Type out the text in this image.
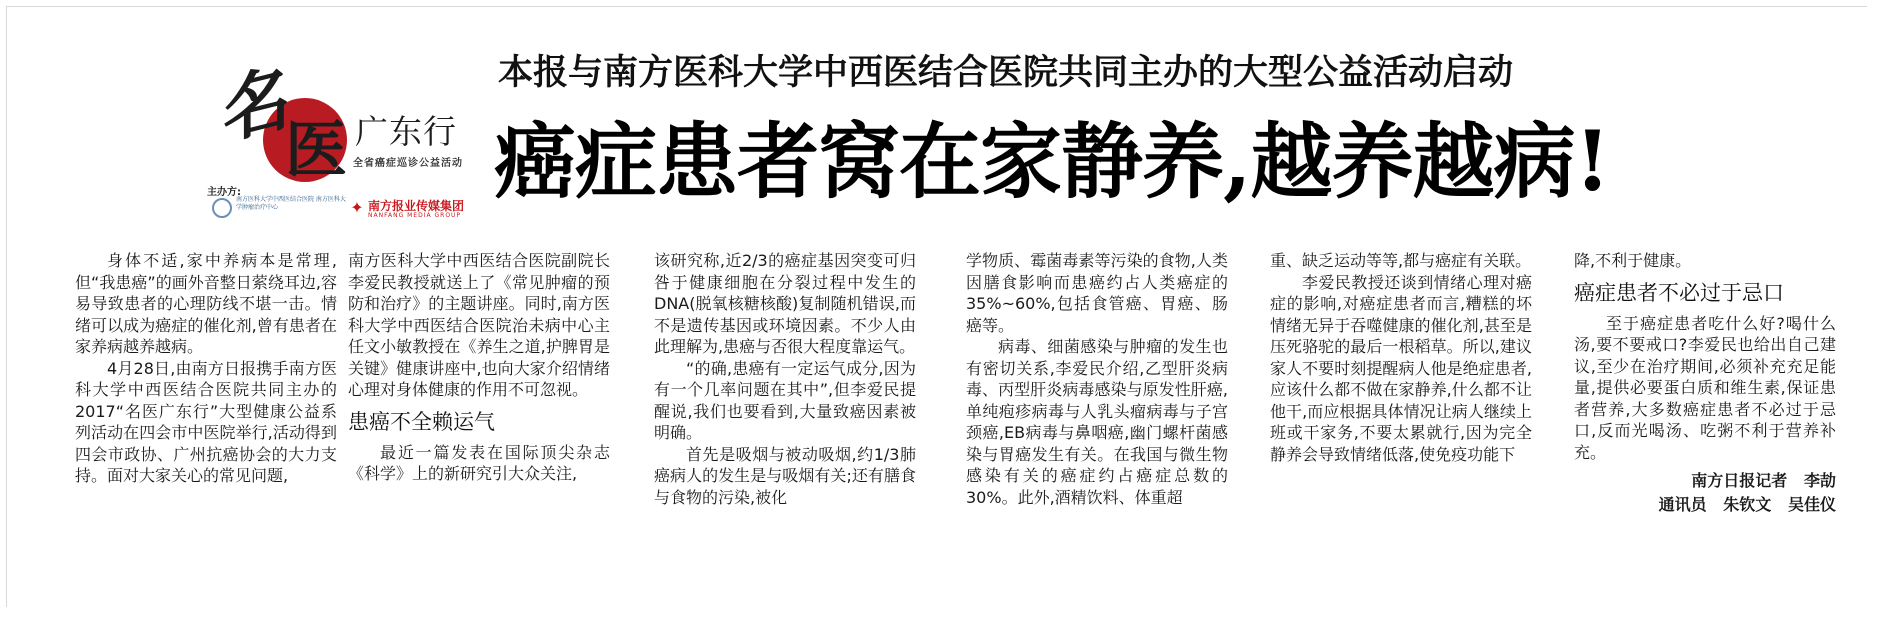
名
医 广东行
全省癌症巡诊公益活动
主办方:
南方医科大学中西医结合医院 南方医科大学肿瘤治疗中心	✦ 南方报业传媒集团
NANFANG MEDIA GROUP
本报与南方医科大学中西医结合医院共同主办的大型公益活动启动
癌症患者窝在家静养,越养越病!

身体不适,家中养病本是常理,但“我患癌”的画外音整日萦绕耳边,容易导致患者的心理防线不堪一击。情绪可以成为癌症的催化剂,曾有患者在家养病越养越病。

4月28日,由南方日报携手南方医科大学中西医结合医院共同主办的2017“名医广东行”大型健康公益系列活动在四会市中医院举行,活动得到四会市政协、广州抗癌协会的大力支持。面对大家关心的常见问题,

南方医科大学中西医结合医院副院长李爱民教授就送上了《常见肿瘤的预防和治疗》的主题讲座。同时,南方医科大学中西医结合医院治未病中心主任文小敏教授在《养生之道,护脾胃是关键》健康讲座中,也向大家介绍情绪心理对身体健康的作用不可忽视。

患癌不全赖运气

最近一篇发表在国际顶尖杂志《科学》上的新研究引大众关注,

该研究称,近2/3的癌症基因突变可归咎于健康细胞在分裂过程中发生的DNA(脱氧核糖核酸)复制随机错误,而不是遗传基因或环境因素。不少人由此理解为,患癌与否很大程度靠运气。

“的确,患癌有一定运气成分,因为有一个几率问题在其中”,但李爱民提醒说,我们也要看到,大量致癌因素被明确。

首先是吸烟与被动吸烟,约1/3肺癌病人的发生是与吸烟有关;还有膳食与食物的污染,被化

学物质、霉菌毒素等污染的食物,人类因膳食影响而患癌约占人类癌症的35%~60%,包括食管癌、胃癌、肠癌等。

病毒、细菌感染与肿瘤的发生也有密切关系,李爱民介绍,乙型肝炎病毒、丙型肝炎病毒感染与原发性肝癌,单纯疱疹病毒与人乳头瘤病毒与子宫颈癌,EB病毒与鼻咽癌,幽门螺杆菌感染与胃癌发生有关。在我国与微生物感染有关的癌症约占癌症总数的30%。此外,酒精饮料、体重超

重、缺乏运动等等,都与癌症有关联。

李爱民教授还谈到情绪心理对癌症的影响,对癌症患者而言,糟糕的坏情绪无异于吞噬健康的催化剂,甚至是压死骆驼的最后一根稻草。所以,建议家人不要时刻提醒病人他是绝症患者,应该什么都不做在家静养,什么都不让他干,而应根据具体情况让病人继续上班或干家务,不要太累就行,因为完全静养会导致情绪低落,使免疫功能下

降,不利于健康。

癌症患者不必过于忌口

至于癌症患者吃什么好?喝什么汤,要不要戒口?李爱民也给出自己建议,至少在治疗期间,必须补充充足能量,提供必要蛋白质和维生素,保证患者营养,大多数癌症患者不必过于忌口,反而光喝汤、吃粥不利于营养补充。

南方日报记者   李劼
通讯员   朱钦文   吴佳仪
